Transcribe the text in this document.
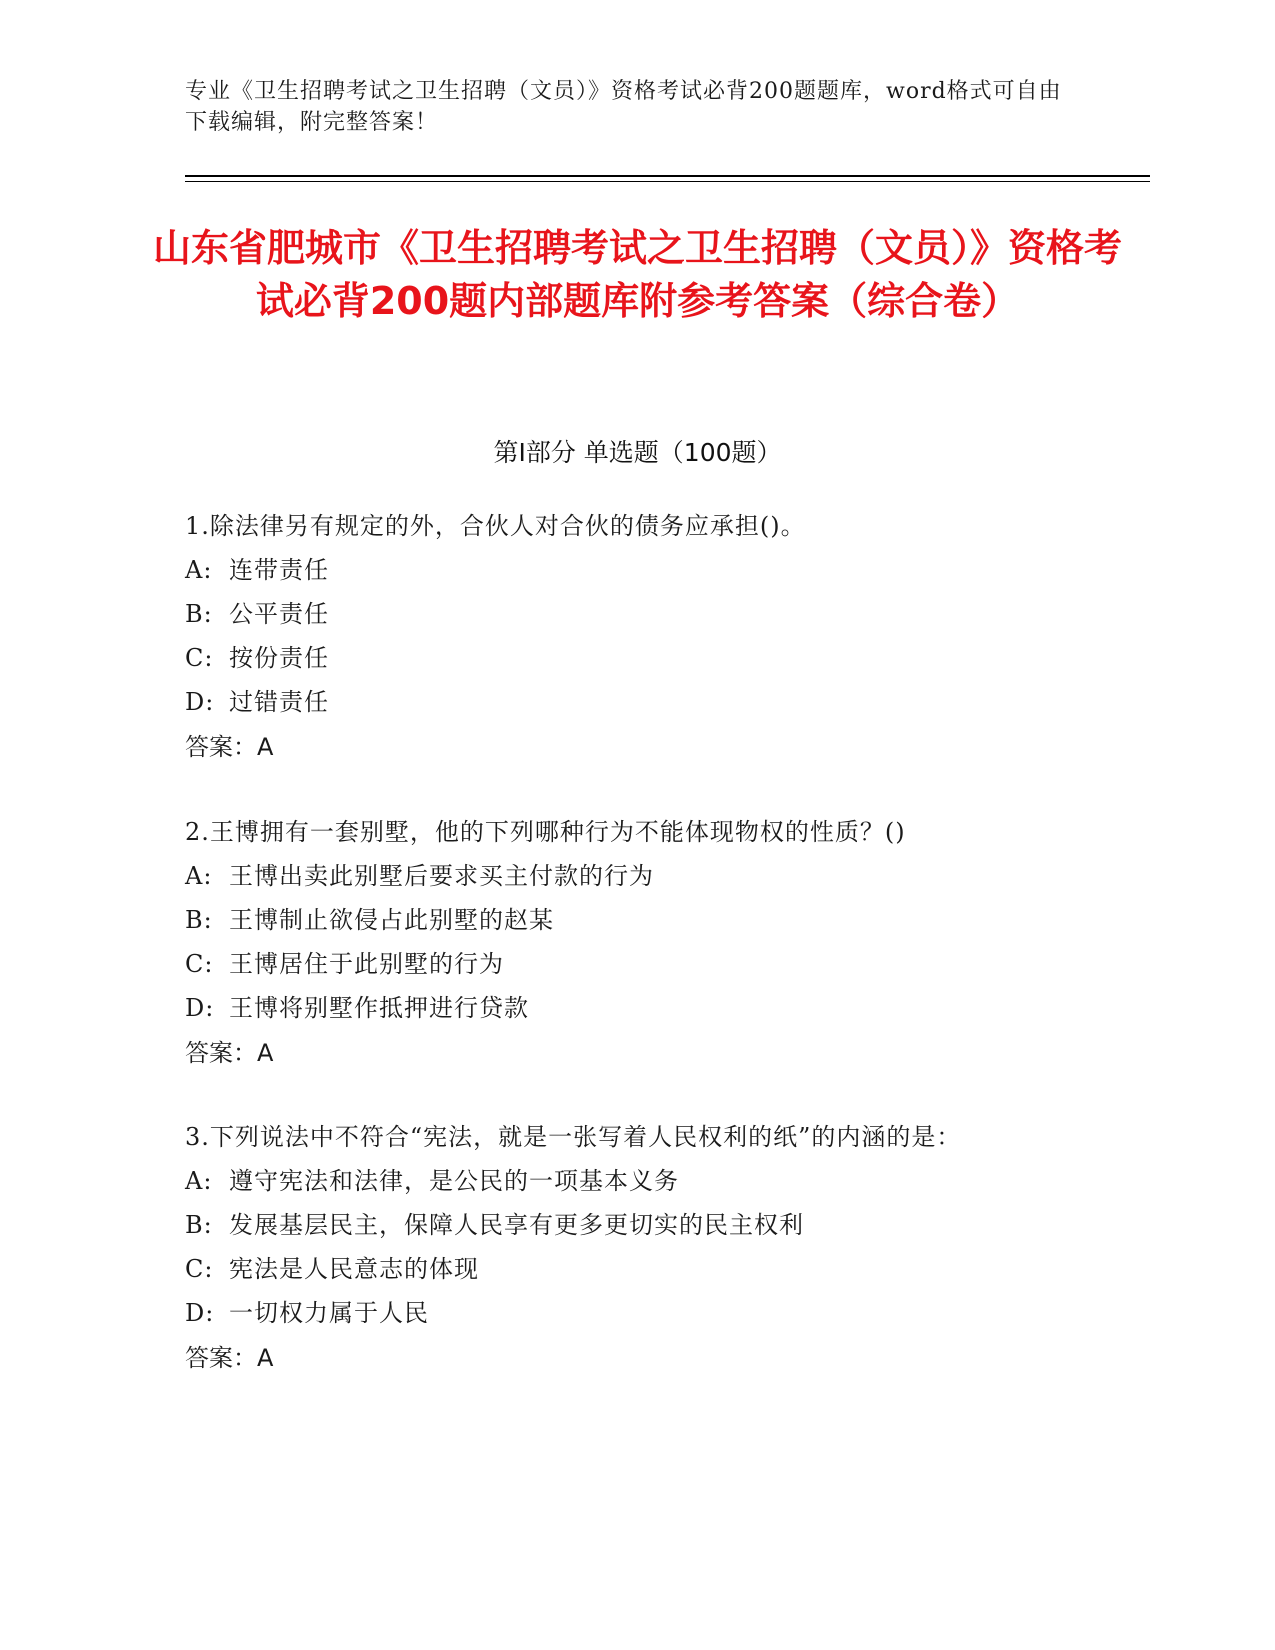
专业《卫生招聘考试之卫生招聘（文员）》资格考试必背200题题库，word格式可自由下载编辑，附完整答案！
山东省肥城市《卫生招聘考试之卫生招聘（文员）》资格考试必背200题内部题库附参考答案（综合卷）
第Ⅰ部分 单选题（100题）
1.除法律另有规定的外，合伙人对合伙的债务应承担()。
A: 连带责任
B: 公平责任
C: 按份责任
D: 过错责任
答案：A
2.王博拥有一套别墅，他的下列哪种行为不能体现物权的性质？()
A: 王博出卖此别墅后要求买主付款的行为
B: 王博制止欲侵占此别墅的赵某
C: 王博居住于此别墅的行为
D: 王博将别墅作抵押进行贷款
答案：A
3.下列说法中不符合“宪法，就是一张写着人民权利的纸”的内涵的是：
A: 遵守宪法和法律，是公民的一项基本义务
B: 发展基层民主，保障人民享有更多更切实的民主权利
C: 宪法是人民意志的体现
D: 一切权力属于人民
答案：A
